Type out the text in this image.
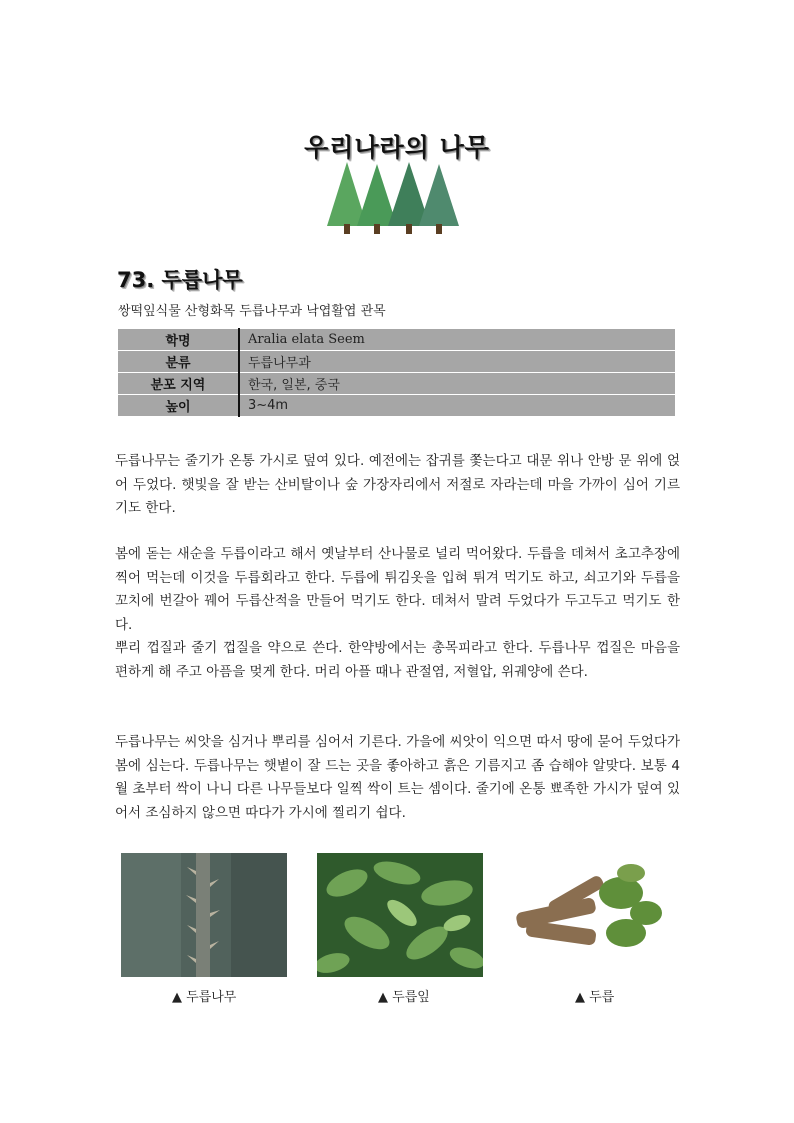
우리나라의 나무
73. 두릅나무
쌍떡잎식물 산형화목 두릅나무과 낙엽활엽 관목
학명	Aralia elata Seem
분류	두릅나무과
분포 지역	한국, 일본, 중국
높이	3~4m

두릅나무는 줄기가 온통 가시로 덮여 있다. 예전에는 잡귀를 쫓는다고 대문 위나 안방 문 위에 얹어 두었다. 햇빛을 잘 받는 산비탈이나 숲 가장자리에서 저절로 자라는데 마을 가까이 심어 기르기도 한다.

봄에 돋는 새순을 두릅이라고 해서 옛날부터 산나물로 널리 먹어왔다. 두릅을 데쳐서 초고추장에 찍어 먹는데 이것을 두릅회라고 한다. 두릅에 튀김옷을 입혀 튀겨 먹기도 하고, 쇠고기와 두릅을 꼬치에 번갈아 꿰어 두릅산적을 만들어 먹기도 한다. 데쳐서 말려 두었다가 두고두고 먹기도 한다.
뿌리 껍질과 줄기 껍질을 약으로 쓴다. 한약방에서는 총목피라고 한다. 두릅나무 껍질은 마음을 편하게 해 주고 아픔을 멎게 한다. 머리 아플 때나 관절염, 저혈압, 위궤양에 쓴다.

두릅나무는 씨앗을 심거나 뿌리를 심어서 기른다. 가을에 씨앗이 익으면 따서 땅에 묻어 두었다가 봄에 심는다. 두릅나무는 햇볕이 잘 드는 곳을 좋아하고 흙은 기름지고 좀 습해야 알맞다. 보통 4월 초부터 싹이 나니 다른 나무들보다 일찍 싹이 트는 셈이다. 줄기에 온통 뾰족한 가시가 덮여 있어서 조심하지 않으면 따다가 가시에 찔리기 쉽다.

▲ 두릅나무	▲ 두릅잎	▲ 두릅
